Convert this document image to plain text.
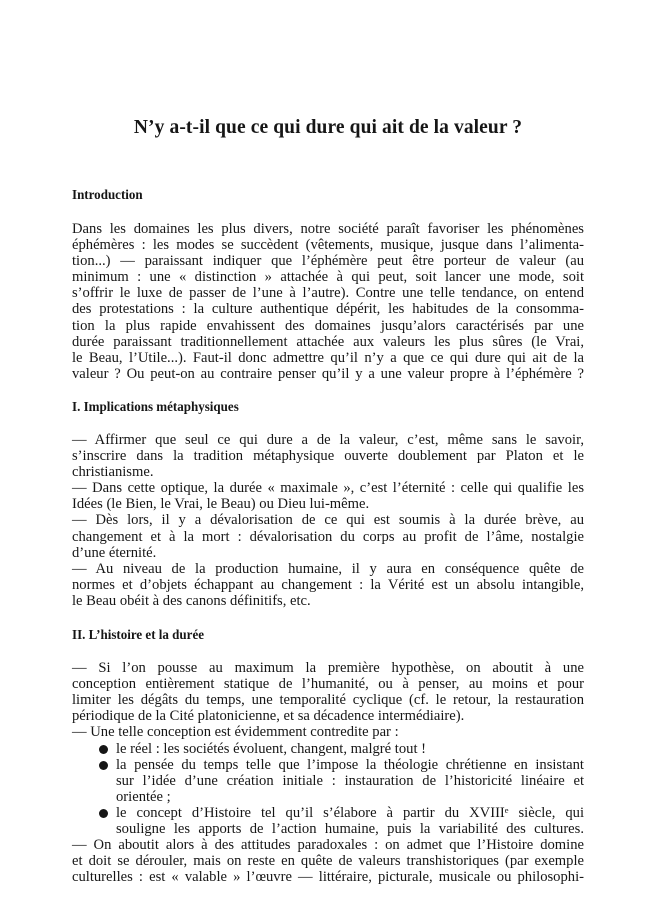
N’y a-t-il que ce qui dure qui ait de la valeur ?
Introduction
Dans les domaines les plus divers, notre société paraît favoriser les phénomènes
éphémères : les modes se succèdent (vêtements, musique, jusque dans l’alimenta-
tion...) — paraissant indiquer que l’éphémère peut être porteur de valeur (au
minimum : une « distinction » attachée à qui peut, soit lancer une mode, soit
s’offrir le luxe de passer de l’une à l’autre). Contre une telle tendance, on entend
des protestations : la culture authentique dépérit, les habitudes de la consomma-
tion la plus rapide envahissent des domaines jusqu’alors caractérisés par une
durée paraissant traditionnellement attachée aux valeurs les plus sûres (le Vrai,
le Beau, l’Utile...). Faut-il donc admettre qu’il n’y a que ce qui dure qui ait de la
valeur ? Ou peut-on au contraire penser qu’il y a une valeur propre à l’éphémère ?
I. Implications métaphysiques
— Affirmer que seul ce qui dure a de la valeur, c’est, même sans le savoir,
s’inscrire dans la tradition métaphysique ouverte doublement par Platon et le
christianisme.
— Dans cette optique, la durée « maximale », c’est l’éternité : celle qui qualifie les
Idées (le Bien, le Vrai, le Beau) ou Dieu lui-même.
— Dès lors, il y a dévalorisation de ce qui est soumis à la durée brève, au
changement et à la mort : dévalorisation du corps au profit de l’âme, nostalgie
d’une éternité.
— Au niveau de la production humaine, il y aura en conséquence quête de
normes et d’objets échappant au changement : la Vérité est un absolu intangible,
le Beau obéit à des canons définitifs, etc.
II. L’histoire et la durée
— Si l’on pousse au maximum la première hypothèse, on aboutit à une
conception entièrement statique de l’humanité, ou à penser, au moins et pour
limiter les dégâts du temps, une temporalité cyclique (cf. le retour, la restauration
périodique de la Cité platonicienne, et sa décadence intermédiaire).
— Une telle conception est évidemment contredite par :
le réel : les sociétés évoluent, changent, malgré tout !
la pensée du temps telle que l’impose la théologie chrétienne en insistant
sur l’idée d’une création initiale : instauration de l’historicité linéaire et
orientée ;
le concept d’Histoire tel qu’il s’élabore à partir du XVIIIᵉ siècle, qui
souligne les apports de l’action humaine, puis la variabilité des cultures.
— On aboutit alors à des attitudes paradoxales : on admet que l’Histoire domine
et doit se dérouler, mais on reste en quête de valeurs transhistoriques (par exemple
culturelles : est « valable » l’œuvre — littéraire, picturale, musicale ou philosophi-
